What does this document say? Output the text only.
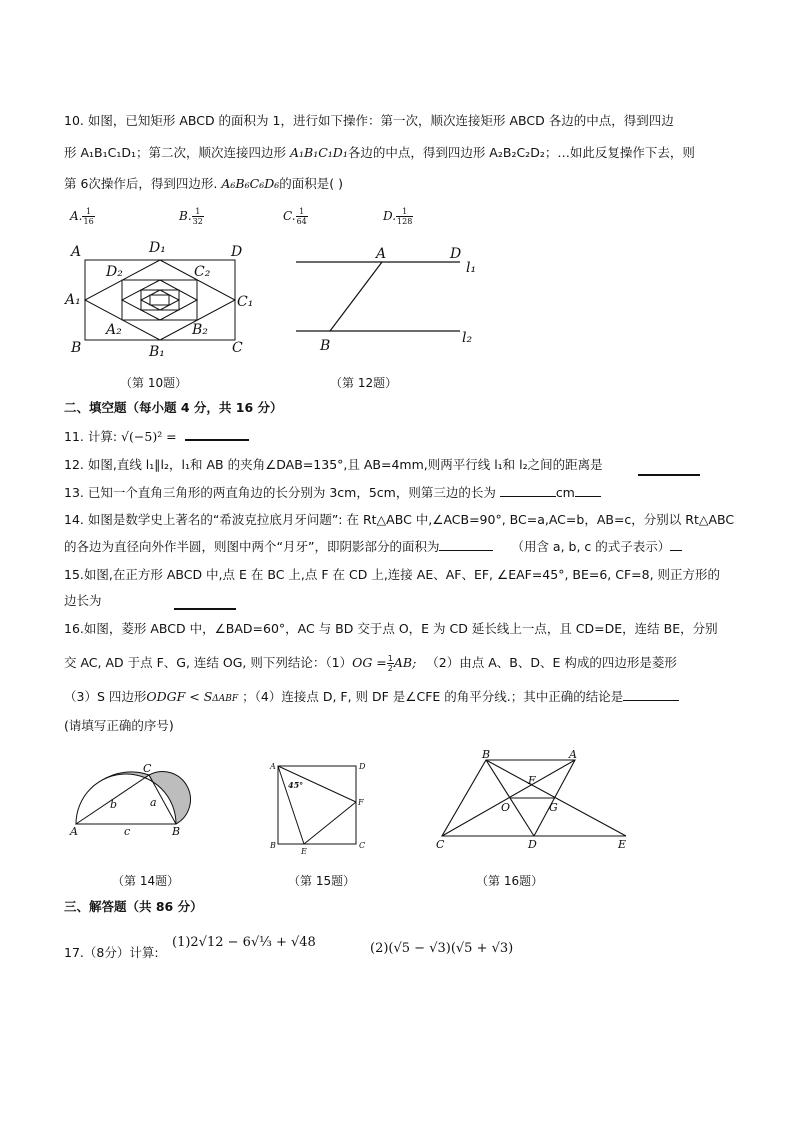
10. 如图，已知矩形 ABCD 的面积为 1，进行如下操作：第一次，顺次连接矩形 ABCD 各边的中点，得到四边
形 A₁B₁C₁D₁；第二次，顺次连接四边形 A₁B₁C₁D₁各边的中点，得到四边形 A₂B₂C₂D₂；…如此反复操作下去，则
第 6次操作后，得到四边形. A₆B₆C₆D₆的面积是( )
A. $\frac{1}{16}$	B. $\frac{1}{32}$	C. $\frac{1}{64}$	D. $\frac{1}{128}$
A	D₁	D
D₂	C₂
A₁	C₁
A₂	B₂
B	B₁	C
（第 10题）
A	D
l₁
B	l₂
（第 12题）
二、填空题（每小题 4 分，共 16 分）
11. 计算: √(−5)² =
12. 如图,直线 l₁∥l₂，l₁和 AB 的夹角∠DAB=135°,且 AB=4mm,则两平行线 l₁和 l₂之间的距离是
13. 已知一个直角三角形的两直角边的长分别为 3cm，5cm，则第三边的长为	cm
14. 如图是数学史上著名的“希波克拉底月牙问题”: 在 Rt△ABC 中,∠ACB=90°, BC=a,AC=b，AB=c，分别以 Rt△ABC
的各边为直径向外作半圆，则图中两个“月牙”，即阴影部分的面积为	（用含 a, b, c 的式子表示）
15.如图,在正方形 ABCD 中,点 E 在 BC 上,点 F 在 CD 上,连接 AE、AF、EF, ∠EAF=45°, BE=6, CF=8, 则正方形的
边长为
16.如图，菱形 ABCD 中，∠BAD=60°，AC 与 BD 交于点 O，E 为 CD 延长线上一点，且 CD=DE，连结 BE，分别
交 AC, AD 于点 F、G, 连结 OG, 则下列结论：$(1)OG = \frac{1}{2}$ AB; （2）由点 A、B、D、E 构成的四边形是菱形
（3）S 四边形ODGF < SΔABF ；（4）连接点 D, F, 则 DF 是∠CFE 的角平分线.；其中正确的结论是
(请填写正确的序号)
C
b	a
A	c	B
（第 14题）
A	D
45°
F
B
E
C
（第 15题）
B	A
F
O	G
C	D	E
（第 16题）
三、解答题（共 86 分）
17.（8分）计算:
(1)2√12 − 6√⅓ + √48	(2)(√5 − √3)(√5 + √3)
